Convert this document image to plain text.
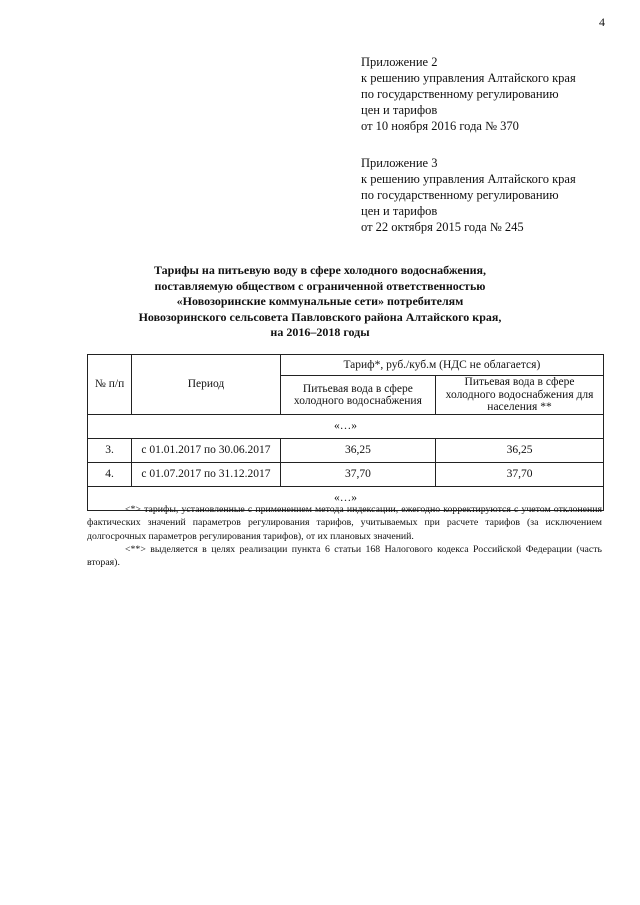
4
Приложение 2
к решению управления Алтайского края
по государственному регулированию
цен и тарифов
от 10 ноября 2016 года № 370
Приложение 3
к решению управления Алтайского края
по государственному регулированию
цен и тарифов
от 22 октября 2015 года № 245
Тарифы на питьевую воду в сфере холодного водоснабжения,
поставляемую обществом с ограниченной ответственностью
«Новозоринские коммунальные сети» потребителям
Новозоринского сельсовета Павловского района Алтайского края,
на 2016–2018 годы
№ п/п	Период	Тариф*, руб./куб.м (НДС не облагается)	
		Питьевая вода в сфере холодного водоснабжения	Питьевая вода в сфере холодного водоснабжения для населения **
«…»			
3.	с 01.01.2017 по 30.06.2017	36,25	36,25
4.	с 01.07.2017 по 31.12.2017	37,70	37,70
«…»			

<*> тарифы, установленные с применением метода индексации, ежегодно корректируются с учетом отклонения фактических значений параметров регулирования тарифов, учитываемых при расчете тарифов (за исключением долгосрочных параметров регулирования тарифов), от их плановых значений.

<**> выделяется в целях реализации пункта 6 статьи 168 Налогового кодекса Российской Федерации (часть вторая).
